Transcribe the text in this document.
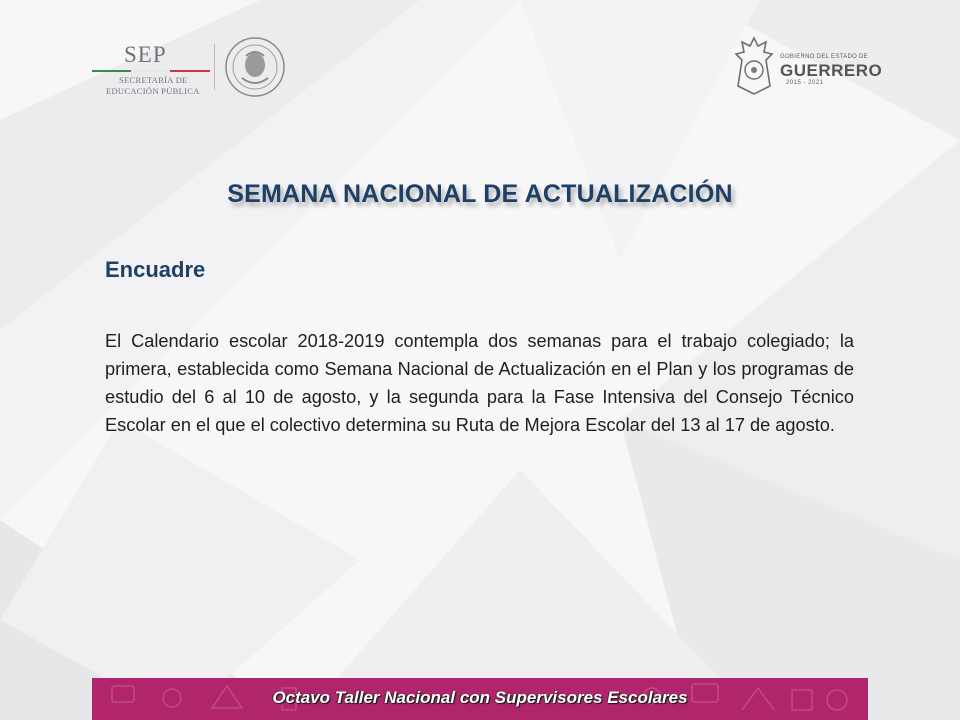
SEP
SECRETARÍA DE
EDUCACIÓN PÚBLICA
GOBIERNO DEL ESTADO DE
GUERRERO
2015 - 2021
SEMANA NACIONAL DE ACTUALIZACIÓN
Encuadre
El Calendario escolar 2018-2019 contempla dos semanas para el trabajo colegiado; la primera, establecida como Semana Nacional de Actualización en el Plan y los programas de estudio del 6 al 10 de agosto, y la segunda para la Fase Intensiva del Consejo Técnico Escolar en el que el colectivo determina su Ruta de Mejora Escolar del 13 al 17 de agosto.
Octavo Taller Nacional con Supervisores Escolares
